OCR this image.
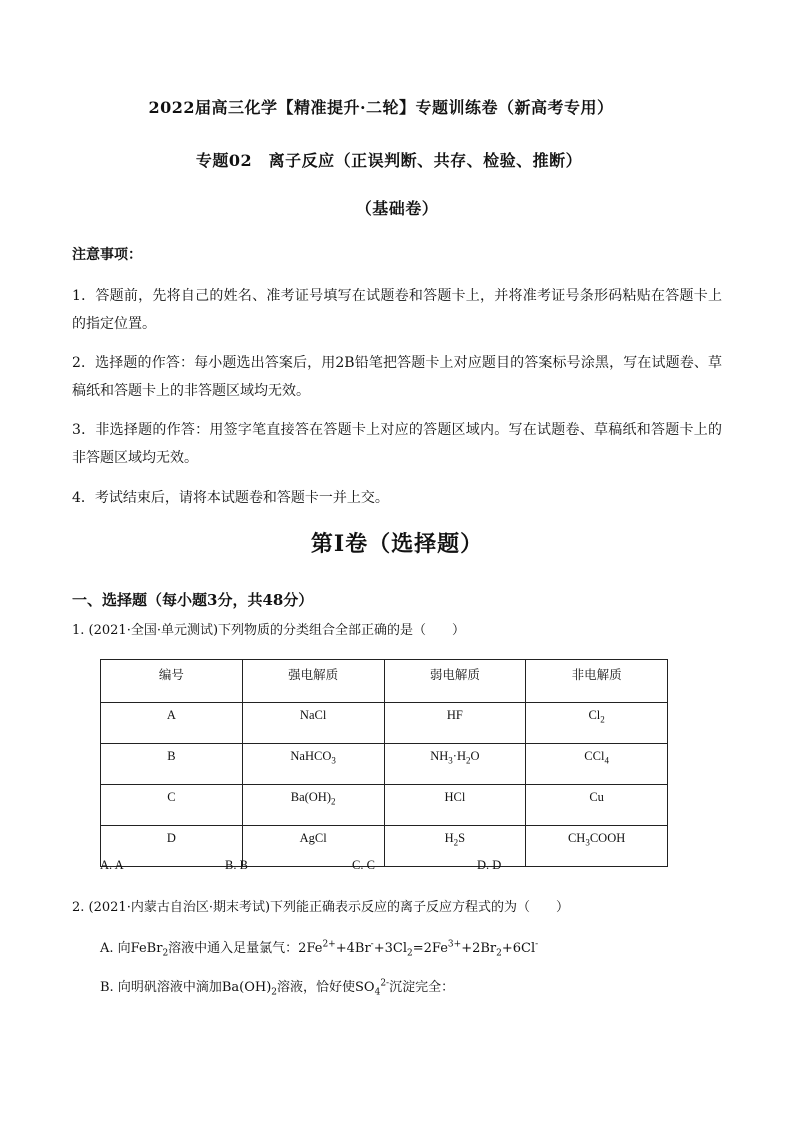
2022届高三化学【精准提升·二轮】专题训练卷（新高考专用）
专题02　离子反应（正误判断、共存、检验、推断）
（基础卷）
注意事项：
1．答题前，先将自己的姓名、准考证号填写在试题卷和答题卡上，并将准考证号条形码粘贴在答题卡上的指定位置。
2．选择题的作答：每小题选出答案后，用2B铅笔把答题卡上对应题目的答案标号涂黑，写在试题卷、草稿纸和答题卡上的非答题区域均无效。
3．非选择题的作答：用签字笔直接答在答题卡上对应的答题区域内。写在试题卷、草稿纸和答题卡上的非答题区域均无效。
4．考试结束后，请将本试题卷和答题卡一并上交。
第Ⅰ卷（选择题）
一、选择题（每小题3分，共48分）
1. (2021·全国·单元测试)下列物质的分类组合全部正确的是（　　）
编号	强电解质	弱电解质	非电解质
A	NaCl	HF	$Cl_2$
B	NaHCO$_3$	$NH_3\cdot H_2O$	CCl$_4$
C	$Ba(OH)_2$	HCl	Cu
D	AgCl	$H_2S$	$CH_3COOH$
A. A	B. B	C. C	D. D
2. (2021·内蒙古自治区·期末考试)下列能正确表示反应的离子反应方程式的为（　　）
A. 向FeBr$_2$溶液中通入足量氯气：$2Fe^{2+}+4Br^-+3Cl_2=2Fe^{3+}+2Br_2+6Cl^-$
B. 向明矾溶液中滴加$Ba(OH)_2$溶液，恰好使$SO_4^{2-}$沉淀完全：
